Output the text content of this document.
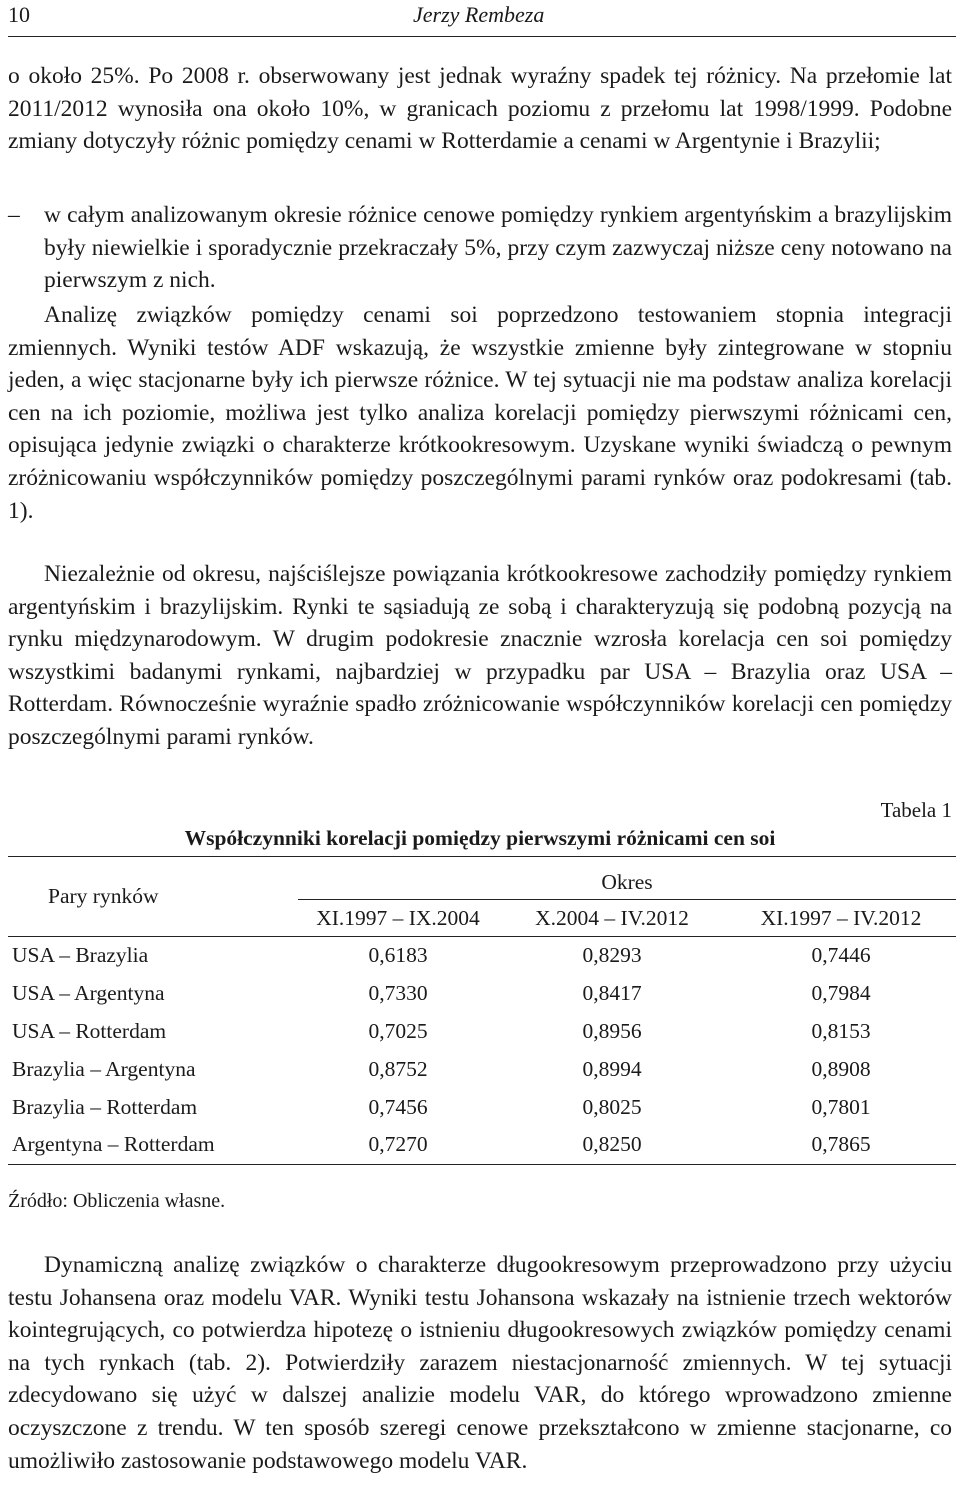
10	Jerzy Rembeza

o około 25%. Po 2008 r. obserwowany jest jednak wyraźny spadek tej różnicy. Na przełomie lat 2011/2012 wynosiła ona około 10%, w granicach poziomu z przełomu lat 1998/1999. Podobne zmiany dotyczyły różnic pomiędzy cenami w Rotterdamie a cenami w Argentynie i Brazylii;

– w całym analizowanym okresie różnice cenowe pomiędzy rynkiem argentyńskim a brazylijskim były niewielkie i sporadycznie przekraczały 5%, przy czym zazwyczaj niższe ceny notowano na pierwszym z nich.

Analizę związków pomiędzy cenami soi poprzedzono testowaniem stopnia integracji zmiennych. Wyniki testów ADF wskazują, że wszystkie zmienne były zintegrowane w stopniu jeden, a więc stacjonarne były ich pierwsze różnice. W tej sytuacji nie ma podstaw analiza korelacji cen na ich poziomie, możliwa jest tylko analiza korelacji pomiędzy pierwszymi różnicami cen, opisująca jedynie związki o charakterze krótkookresowym. Uzyskane wyniki świadczą o pewnym zróżnicowaniu współczynników pomiędzy poszczególnymi parami rynków oraz podokresami (tab. 1).

Niezależnie od okresu, najściślejsze powiązania krótkookresowe zachodziły pomiędzy rynkiem argentyńskim i brazylijskim. Rynki te sąsiadują ze sobą i charakteryzują się podobną pozycją na rynku międzynarodowym. W drugim podokresie znacznie wzrosła korelacja cen soi pomiędzy wszystkimi badanymi rynkami, najbardziej w przypadku par USA – Brazylia oraz USA – Rotterdam. Równocześnie wyraźnie spadło zróżnicowanie współczynników korelacji cen pomiędzy poszczególnymi parami rynków.

Tabela 1
Współczynniki korelacji pomiędzy pierwszymi różnicami cen soi
Pary rynków	Okres		
	XI.1997 – IX.2004	X.2004 – IV.2012	XI.1997 – IV.2012
USA – Brazylia	0,6183	0,8293	0,7446
USA – Argentyna	0,7330	0,8417	0,7984
USA – Rotterdam	0,7025	0,8956	0,8153
Brazylia – Argentyna	0,8752	0,8994	0,8908
Brazylia – Rotterdam	0,7456	0,8025	0,7801
Argentyna – Rotterdam	0,7270	0,8250	0,7865
Źródło: Obliczenia własne.

Dynamiczną analizę związków o charakterze długookresowym przeprowadzono przy użyciu testu Johansena oraz modelu VAR. Wyniki testu Johansona wskazały na istnienie trzech wektorów kointegrujących, co potwierdza hipotezę o istnieniu długookresowych związków pomiędzy cenami na tych rynkach (tab. 2). Potwierdziły zarazem niestacjonarność zmiennych. W tej sytuacji zdecydowano się użyć w dalszej analizie modelu VAR, do którego wprowadzono zmienne oczyszczone z trendu. W ten sposób szeregi cenowe przekształcono w zmienne stacjonarne, co umożliwiło zastosowanie podstawowego modelu VAR.
